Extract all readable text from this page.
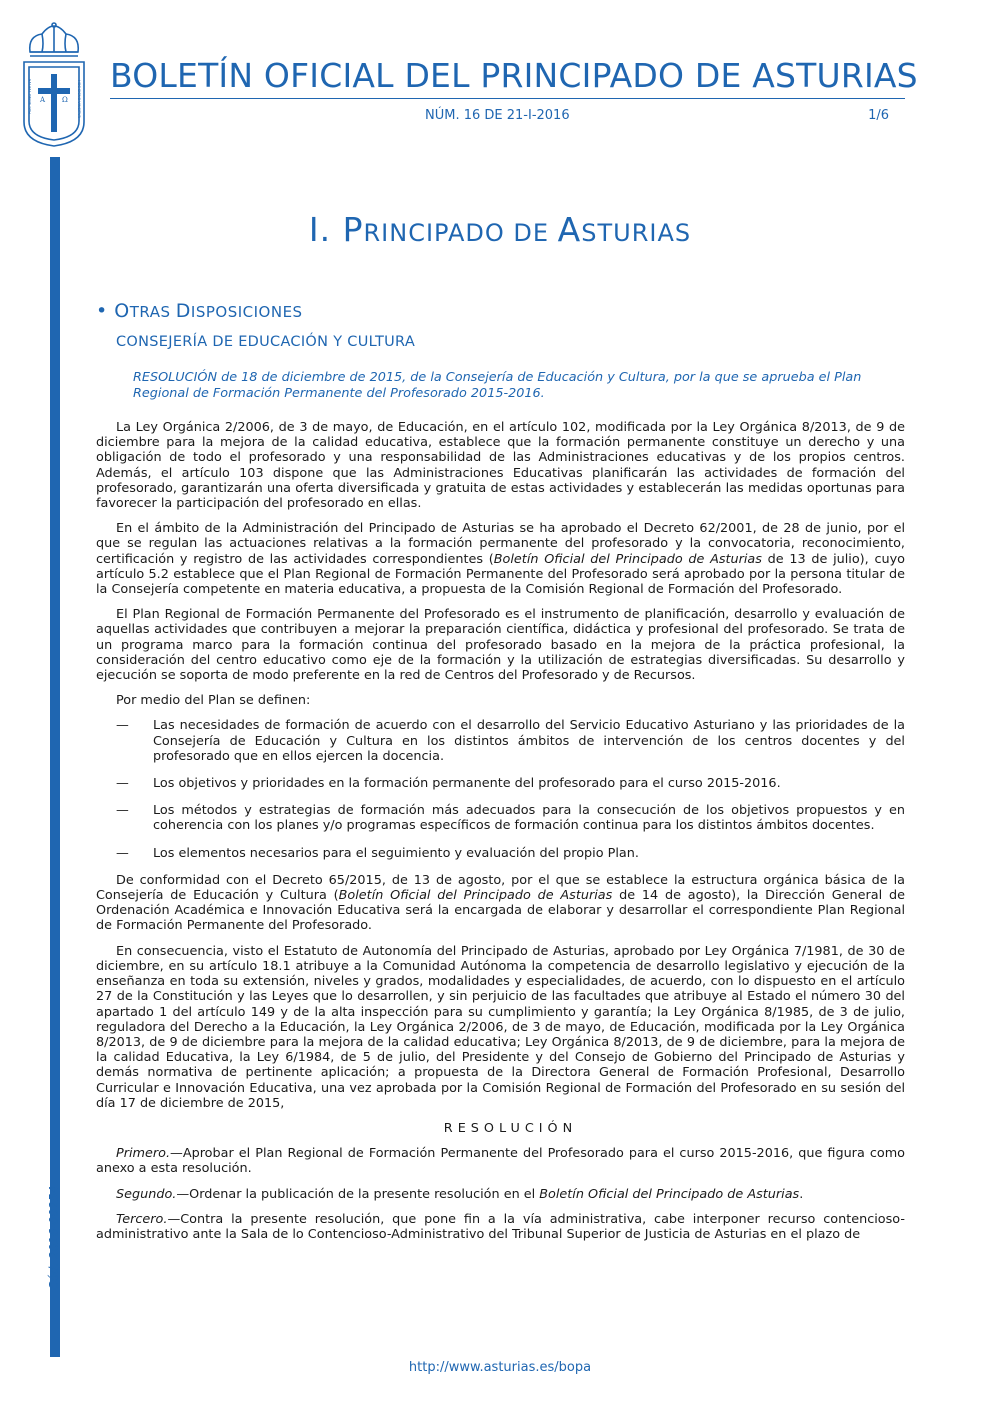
A Ω
HOC SIGNO TVETVR	HOC SIGNO VINCITVR
BOLETÍN OFICIAL DEL PRINCIPADO DE ASTURIAS
NÚM. 16 DE 21-I-2016	1/6
Cód. 2016-00254
I. PRINCIPADO DE ASTURIAS
• OTRAS DISPOSICIONES
CONSEJERÍA DE EDUCACIÓN Y CULTURA
RESOLUCIÓN de 18 de diciembre de 2015, de la Consejería de Educación y Cultura, por la que se aprueba el Plan Regional de Formación Permanente del Profesorado 2015-2016.

La Ley Orgánica 2/2006, de 3 de mayo, de Educación, en el artículo 102, modificada por la Ley Orgánica 8/2013, de 9 de diciembre para la mejora de la calidad educativa, establece que la formación permanente constituye un derecho y una obligación de todo el profesorado y una responsabilidad de las Administraciones educativas y de los propios centros. Además, el artículo 103 dispone que las Administraciones Educativas planificarán las actividades de formación del profesorado, garantizarán una oferta diversificada y gratuita de estas actividades y establecerán las medidas oportunas para favorecer la participación del profesorado en ellas.

En el ámbito de la Administración del Principado de Asturias se ha aprobado el Decreto 62/2001, de 28 de junio, por el que se regulan las actuaciones relativas a la formación permanente del profesorado y la convocatoria, reconocimiento, certificación y registro de las actividades correspondientes (Boletín Oficial del Principado de Asturias de 13 de julio), cuyo artículo 5.2 establece que el Plan Regional de Formación Permanente del Profesorado será aprobado por la persona titular de la Consejería competente en materia educativa, a propuesta de la Comisión Regional de Formación del Profesorado.

El Plan Regional de Formación Permanente del Profesorado es el instrumento de planificación, desarrollo y evaluación de aquellas actividades que contribuyen a mejorar la preparación científica, didáctica y profesional del profesorado. Se trata de un programa marco para la formación continua del profesorado basado en la mejora de la práctica profesional, la consideración del centro educativo como eje de la formación y la utilización de estrategias diversificadas. Su desarrollo y ejecución se soporta de modo preferente en la red de Centros del Profesorado y de Recursos.

Por medio del Plan se definen:

—	Las necesidades de formación de acuerdo con el desarrollo del Servicio Educativo Asturiano y las prioridades de la Consejería de Educación y Cultura en los distintos ámbitos de intervención de los centros docentes y del profesorado que en ellos ejercen la docencia.
—	Los objetivos y prioridades en la formación permanente del profesorado para el curso 2015-2016.
—	Los métodos y estrategias de formación más adecuados para la consecución de los objetivos propuestos y en coherencia con los planes y/o programas específicos de formación continua para los distintos ámbitos docentes.
—	Los elementos necesarios para el seguimiento y evaluación del propio Plan.

De conformidad con el Decreto 65/2015, de 13 de agosto, por el que se establece la estructura orgánica básica de la Consejería de Educación y Cultura (Boletín Oficial del Principado de Asturias de 14 de agosto), la Dirección General de Ordenación Académica e Innovación Educativa será la encargada de elaborar y desarrollar el correspondiente Plan Regional de Formación Permanente del Profesorado.

En consecuencia, visto el Estatuto de Autonomía del Principado de Asturias, aprobado por Ley Orgánica 7/1981, de 30 de diciembre, en su artículo 18.1 atribuye a la Comunidad Autónoma la competencia de desarrollo legislativo y ejecución de la enseñanza en toda su extensión, niveles y grados, modalidades y especialidades, de acuerdo, con lo dispuesto en el artículo 27 de la Constitución y las Leyes que lo desarrollen, y sin perjuicio de las facultades que atribuye al Estado el número 30 del apartado 1 del artículo 149 y de la alta inspección para su cumplimiento y garantía; la Ley Orgánica 8/1985, de 3 de julio, reguladora del Derecho a la Educación, la Ley Orgánica 2/2006, de 3 de mayo, de Educación, modificada por la Ley Orgánica 8/2013, de 9 de diciembre para la mejora de la calidad educativa; Ley Orgánica 8/2013, de 9 de diciembre, para la mejora de la calidad Educativa, la Ley 6/1984, de 5 de julio, del Presidente y del Consejo de Gobierno del Principado de Asturias y demás normativa de pertinente aplicación; a propuesta de la Directora General de Formación Profesional, Desarrollo Curricular e Innovación Educativa, una vez aprobada por la Comisión Regional de Formación del Profesorado en su sesión del día 17 de diciembre de 2015,

RESOLUCIÓN

Primero.—Aprobar el Plan Regional de Formación Permanente del Profesorado para el curso 2015-2016, que figura como anexo a esta resolución.

Segundo.—Ordenar la publicación de la presente resolución en el Boletín Oficial del Principado de Asturias.

Tercero.—Contra la presente resolución, que pone fin a la vía administrativa, cabe interponer recurso contencioso-administrativo ante la Sala de lo Contencioso-Administrativo del Tribunal Superior de Justicia de Asturias en el plazo de

http://www.asturias.es/bopa
